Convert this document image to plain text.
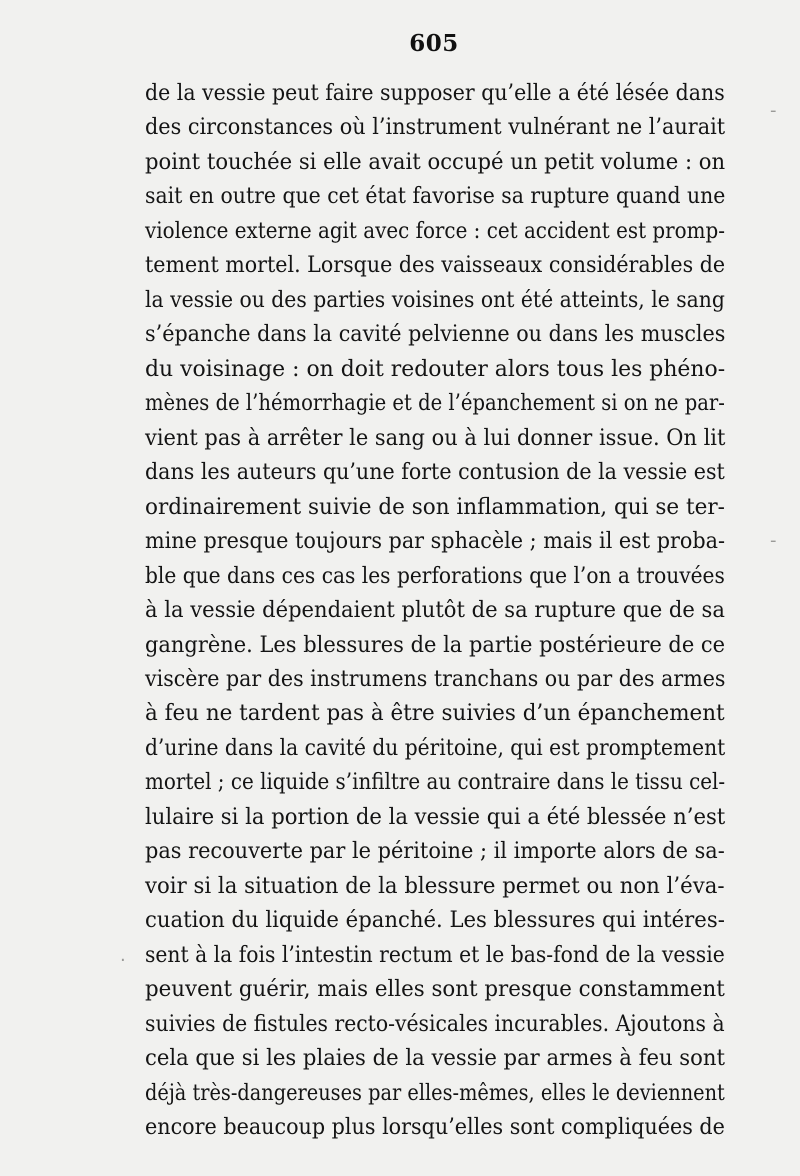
605
de la vessie peut faire supposer qu’elle a été lésée dans
des circonstances où l’instrument vulnérant ne l’aurait
point touchée si elle avait occupé un petit volume : on
sait en outre que cet état favorise sa rupture quand une
violence externe agit avec force : cet accident est promp-
tement mortel. Lorsque des vaisseaux considérables de
la vessie ou des parties voisines ont été atteints, le sang
s’épanche dans la cavité pelvienne ou dans les muscles
du voisinage : on doit redouter alors tous les phéno-
mènes de l’hémorrhagie et de l’épanchement si on ne par-
vient pas à arrêter le sang ou à lui donner issue. On lit
dans les auteurs qu’une forte contusion de la vessie est
ordinairement suivie de son inflammation, qui se ter-
mine presque toujours par sphacèle ; mais il est proba-
ble que dans ces cas les perforations que l’on a trouvées
à la vessie dépendaient plutôt de sa rupture que de sa
gangrène. Les blessures de la partie postérieure de ce
viscère par des instrumens tranchans ou par des armes
à feu ne tardent pas à être suivies d’un épanchement
d’urine dans la cavité du péritoine, qui est promptement
mortel ; ce liquide s’infiltre au contraire dans le tissu cel-
lulaire si la portion de la vessie qui a été blessée n’est
pas recouverte par le péritoine ; il importe alors de sa-
voir si la situation de la blessure permet ou non l’éva-
cuation du liquide épanché. Les blessures qui intéres-
sent à la fois l’intestin rectum et le bas-fond de la vessie
peuvent guérir, mais elles sont presque constamment
suivies de fistules recto-vésicales incurables. Ajoutons à
cela que si les plaies de la vessie par armes à feu sont
déjà très-dangereuses par elles-mêmes, elles le deviennent
encore beaucoup plus lorsqu’elles sont compliquées de
-
-
.
